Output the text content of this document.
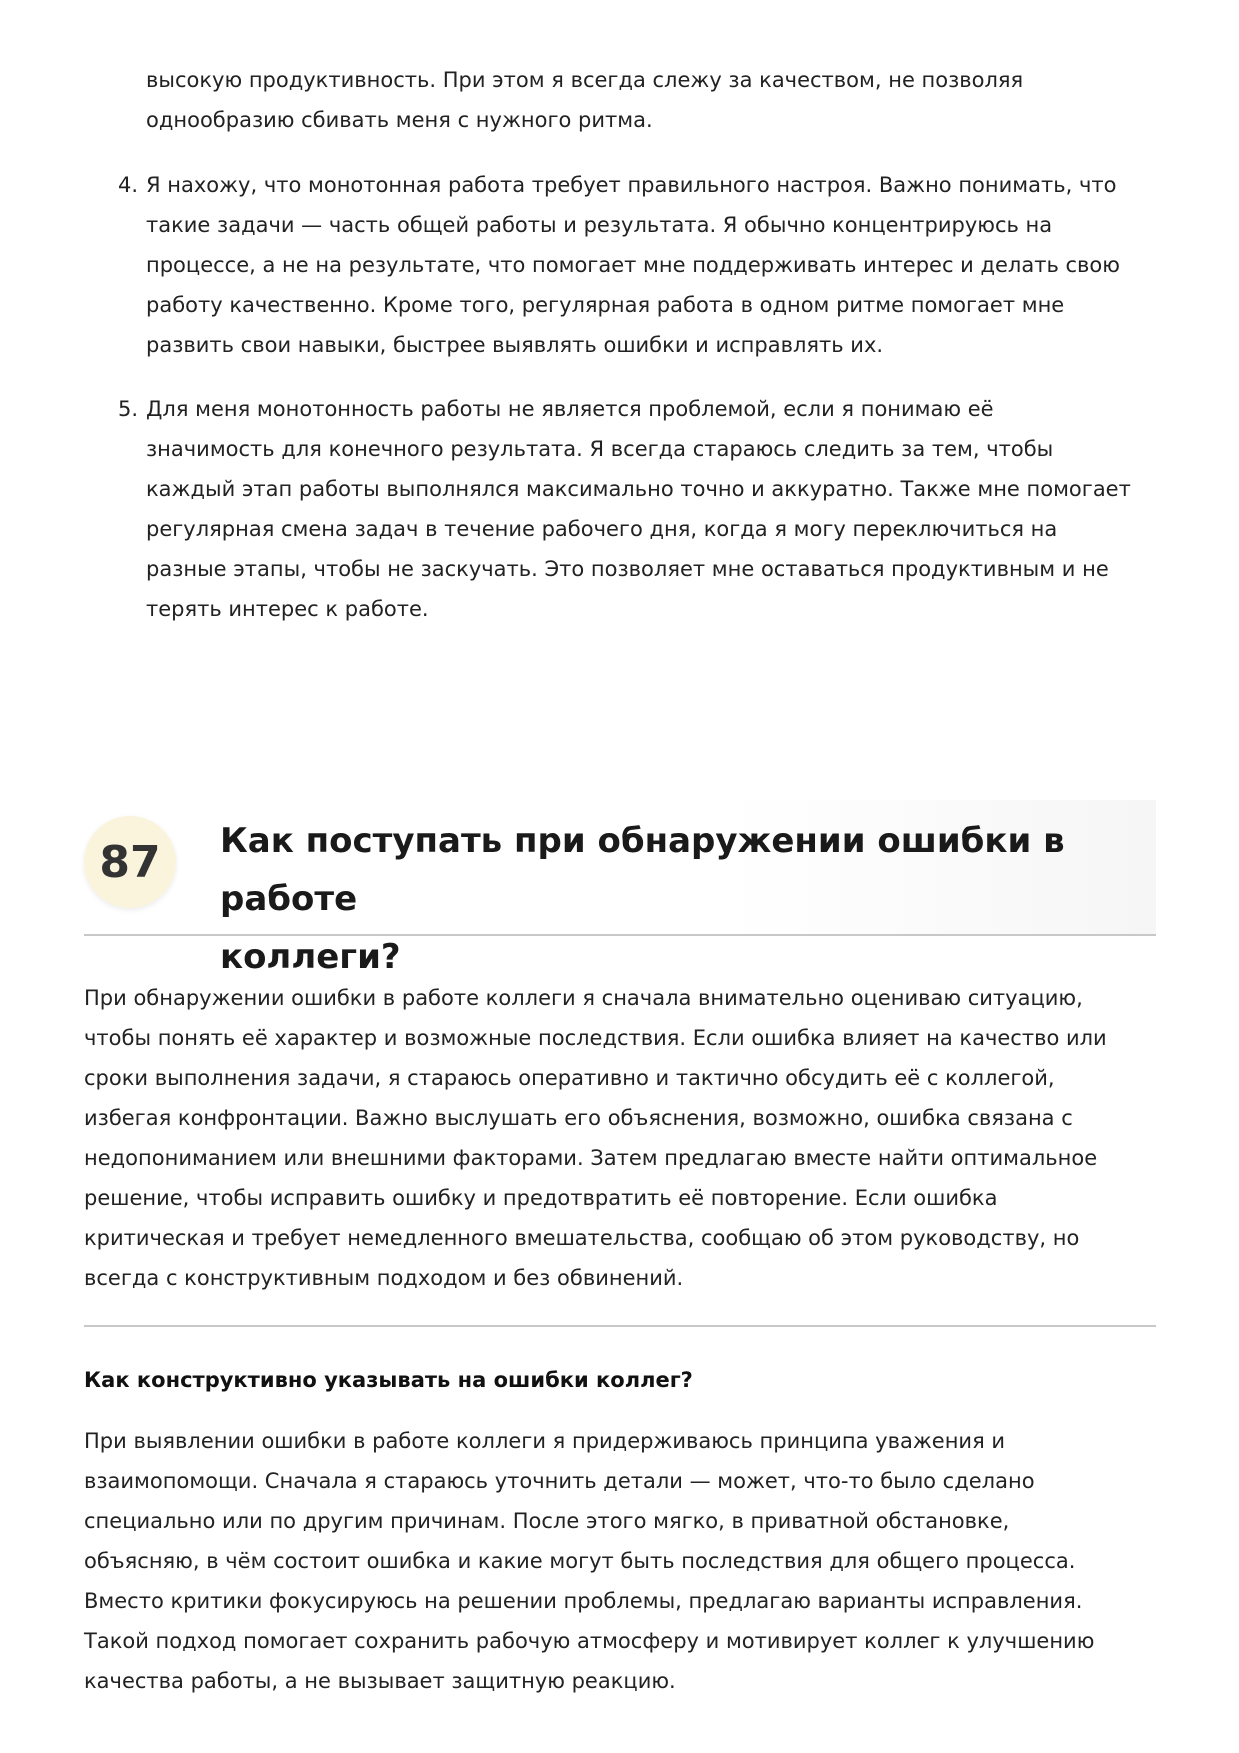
высокую продуктивность. При этом я всегда слежу за качеством, не позволяя
однообразию сбивать меня с нужного ритма.

4. Я нахожу, что монотонная работа требует правильного настроя. Важно понимать, что
такие задачи — часть общей работы и результата. Я обычно концентрируюсь на
процессе, а не на результате, что помогает мне поддерживать интерес и делать свою
работу качественно. Кроме того, регулярная работа в одном ритме помогает мне
развить свои навыки, быстрее выявлять ошибки и исправлять их.
5. Для меня монотонность работы не является проблемой, если я понимаю её
значимость для конечного результата. Я всегда стараюсь следить за тем, чтобы
каждый этап работы выполнялся максимально точно и аккуратно. Также мне помогает
регулярная смена задач в течение рабочего дня, когда я могу переключиться на
разные этапы, чтобы не заскучать. Это позволяет мне оставаться продуктивным и не
терять интерес к работе.
87	Как поступать при обнаружении ошибки в работе
коллеги?

При обнаружении ошибки в работе коллеги я сначала внимательно оцениваю ситуацию,
чтобы понять её характер и возможные последствия. Если ошибка влияет на качество или
сроки выполнения задачи, я стараюсь оперативно и тактично обсудить её с коллегой,
избегая конфронтации. Важно выслушать его объяснения, возможно, ошибка связана с
недопониманием или внешними факторами. Затем предлагаю вместе найти оптимальное
решение, чтобы исправить ошибку и предотвратить её повторение. Если ошибка
критическая и требует немедленного вмешательства, сообщаю об этом руководству, но
всегда с конструктивным подходом и без обвинений.

Как конструктивно указывать на ошибки коллег?

При выявлении ошибки в работе коллеги я придерживаюсь принципа уважения и
взаимопомощи. Сначала я стараюсь уточнить детали — может, что-то было сделано
специально или по другим причинам. После этого мягко, в приватной обстановке,
объясняю, в чём состоит ошибка и какие могут быть последствия для общего процесса.
Вместо критики фокусируюсь на решении проблемы, предлагаю варианты исправления.
Такой подход помогает сохранить рабочую атмосферу и мотивирует коллег к улучшению
качества работы, а не вызывает защитную реакцию.
